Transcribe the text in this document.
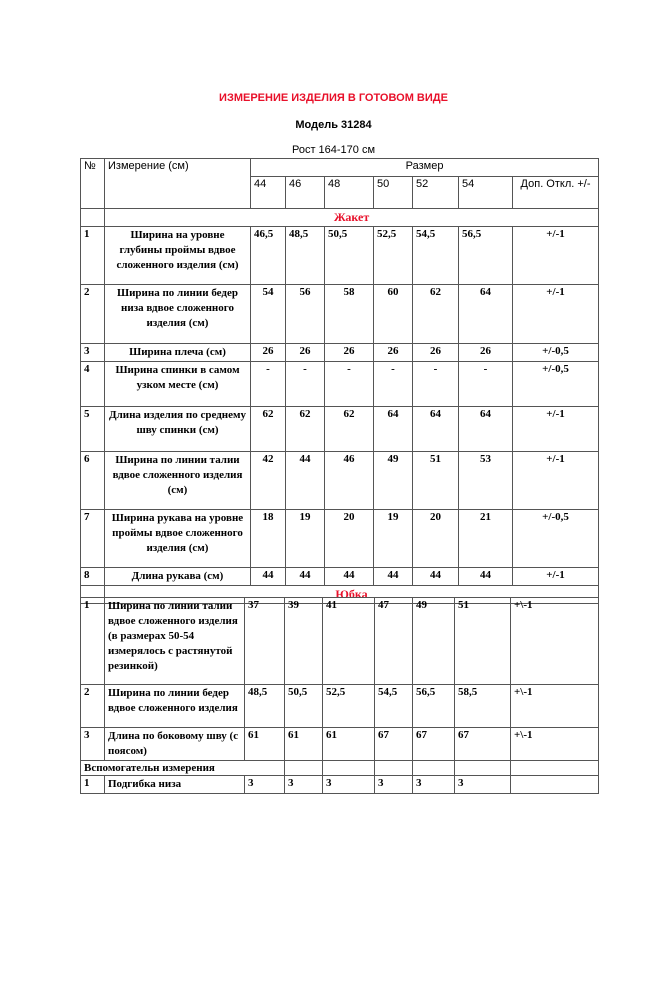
ИЗМЕРЕНИЕ ИЗДЕЛИЯ В ГОТОВОМ ВИДЕ
Модель 31284
Рост 164-170 см
№	Измерение (см)	Размер						
		44	46	48	50	52	54	Доп. Откл. +/-
	Жакет							
1	Ширина на уровне глубины проймы вдвое сложенного изделия (см)	46,5	48,5	50,5	52,5	54,5	56,5	+/-1
2	Ширина по линии бедер низа вдвое сложенного изделия (см)	54	56	58	60	62	64	+/-1
3	Ширина плеча (см)	26	26	26	26	26	26	+/-0,5
4	Ширина спинки в самом узком месте (см)	-	-	-	-	-	-	+/-0,5
5	Длина изделия по среднему шву спинки (см)	62	62	62	64	64	64	+/-1
6	Ширина по линии талии вдвое сложенного изделия (см)	42	44	46	49	51	53	+/-1
7	Ширина рукава на уровне проймы вдвое сложенного изделия (см)	18	19	20	19	20	21	+/-0,5
8	Длина рукава (см)	44	44	44	44	44	44	+/-1
	Юбка							
1	Ширина по линии талии вдвое сложенного изделия (в размерах 50-54 измерялось с растянутой резинкой)	37	39	41	47	49	51	+\-1
2	Ширина по линии бедер вдвое сложенного изделия	48,5	50,5	52,5	54,5	56,5	58,5	+\-1
3	Длина по боковому шву (с поясом)	61	61	61	67	67	67	+\-1
Вспомогательн измерения								
1	Подгибка низа	3	3	3	3	3	3	
